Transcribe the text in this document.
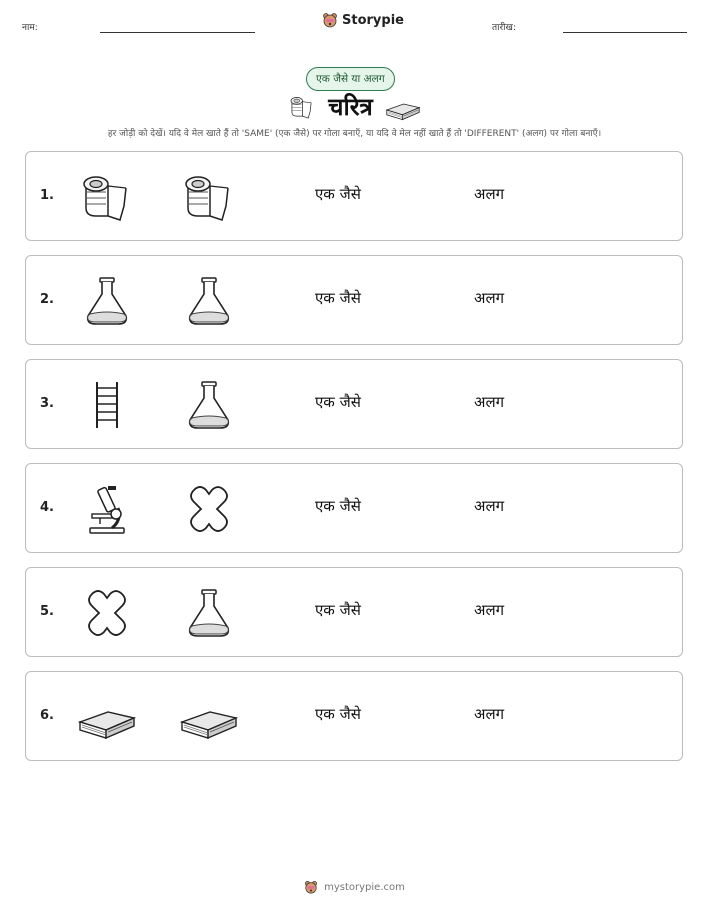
नाम:
Storypie
तारीख:
एक जैसे या अलग
चरित्र
हर जोड़ी को देखें। यदि वे मेल खाते हैं तो 'SAME' (एक जैसे) पर गोला बनाएँ, या यदि वे मेल नहीं खाते हैं तो 'DIFFERENT' (अलग) पर गोला बनाएँ।
1.	एक जैसे	अलग
2.	एक जैसे	अलग
3.	एक जैसे	अलग
4.	एक जैसे	अलग
5.	एक जैसे	अलग
6.	एक जैसे	अलग
mystorypie.com
